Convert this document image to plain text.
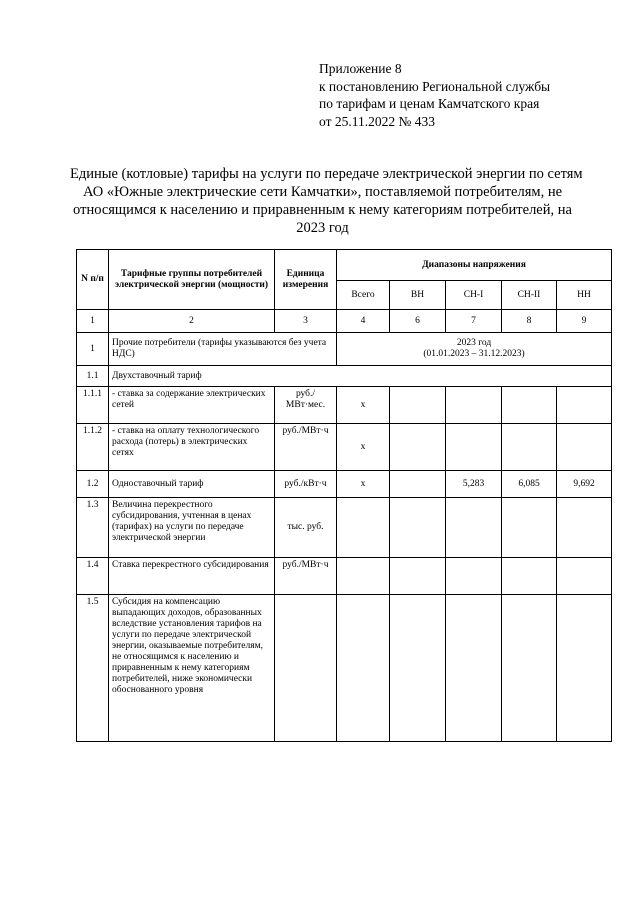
Приложение 8
к постановлению Региональной службы
по тарифам и ценам Камчатского края
от 25.11.2022 № 433
Единые (котловые) тарифы на услуги по передаче электрической энергии по сетям
АО «Южные электрические сети Камчатки», поставляемой потребителям, не
относящимся к населению и приравненным к нему категориям потребителей, на
2023 год
N п/п	Тарифные группы потребителей электрической энергии (мощности)	Единица измерения	Диапазоны напряжения				
			Всего	ВН	СН-I	СН-II	НН
1	2	3	4	6	7	8	9
1	Прочие потребители (тарифы указываются без учета НДС)		2023 год
(01.01.2023 – 31.12.2023)				

1.1	Двухставочный тариф						
1.1.1	- ставка за содержание электрических сетей	руб./МВт·мес.	х				
1.1.2	- ставка на оплату технологического расхода (потерь) в электрических сетях	руб./МВт·ч	х				
1.2	Одноставочный тариф	руб./кВт·ч	х		5,283	6,085	9,692
1.3	Величина перекрестного субсидирования, учтенная в ценах (тарифах) на услуги по передаче электрической энергии	тыс. руб.					
1.4	Ставка перекрестного субсидирования	руб./МВт·ч					
1.5	Субсидия на компенсацию выпадающих доходов, образованных вследствие установления тарифов на услуги по передаче электрической энергии, оказываемые потребителям, не относящимся к населению и приравненным к нему категориям потребителей, ниже экономически обоснованного уровня						
